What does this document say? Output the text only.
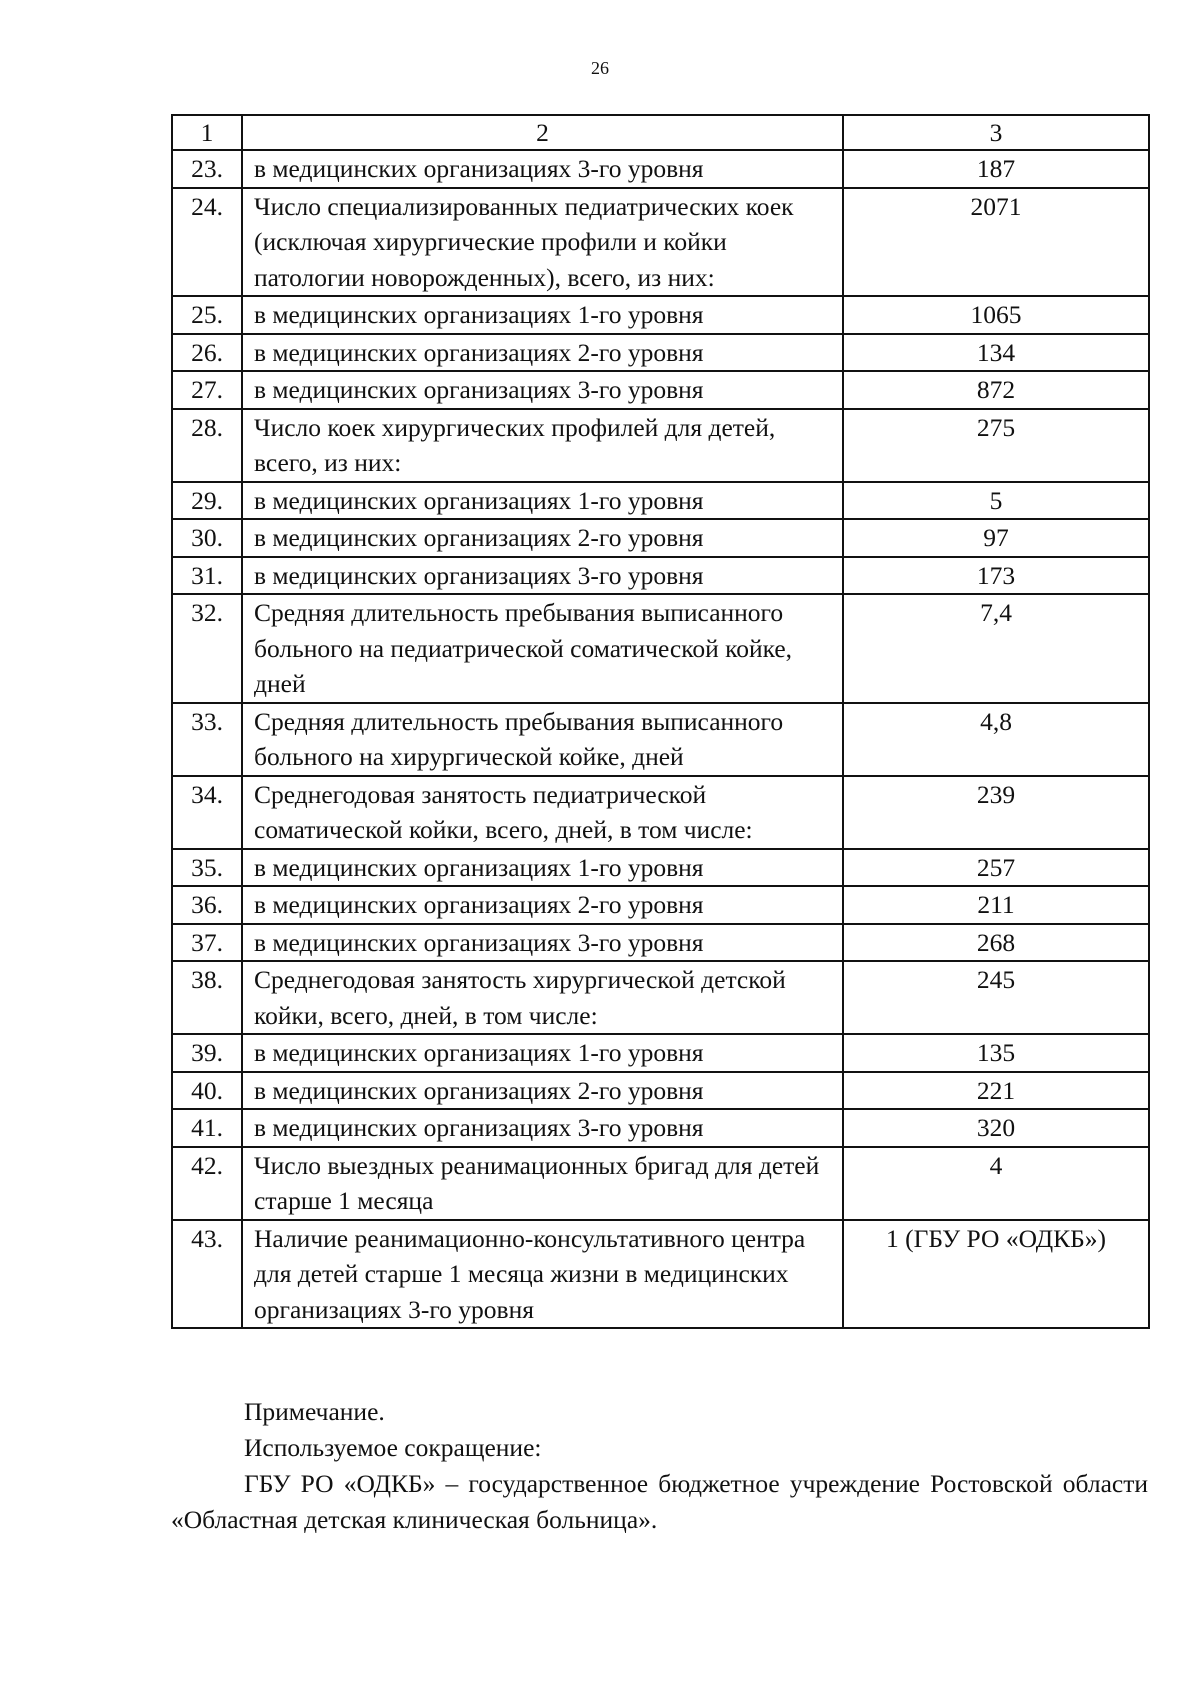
26
1	2	3
23.	в медицинских организациях 3-го уровня	187
24.	Число специализированных педиатрических коек (исключая хирургические профили и койки патологии новорожденных), всего, из них:	2071
25.	в медицинских организациях 1-го уровня	1065
26.	в медицинских организациях 2-го уровня	134
27.	в медицинских организациях 3-го уровня	872
28.	Число коек хирургических профилей для детей, всего, из них:	275
29.	в медицинских организациях 1-го уровня	5
30.	в медицинских организациях 2-го уровня	97
31.	в медицинских организациях 3-го уровня	173
32.	Средняя длительность пребывания выписанного больного на педиатрической соматической койке, дней	7,4
33.	Средняя длительность пребывания выписанного больного на хирургической койке, дней	4,8
34.	Среднегодовая занятость педиатрической соматической койки, всего, дней, в том числе:	239
35.	в медицинских организациях 1-го уровня	257
36.	в медицинских организациях 2-го уровня	211
37.	в медицинских организациях 3-го уровня	268
38.	Среднегодовая занятость хирургической детской койки, всего, дней, в том числе:	245
39.	в медицинских организациях 1-го уровня	135
40.	в медицинских организациях 2-го уровня	221
41.	в медицинских организациях 3-го уровня	320
42.	Число выездных реанимационных бригад для детей старше 1 месяца	4
43.	Наличие реанимационно-консультативного центра для детей старше 1 месяца жизни в медицинских организациях 3-го уровня	1 (ГБУ РО «ОДКБ»)

Примечание.

Используемое сокращение:

ГБУ РО «ОДКБ» – государственное бюджетное учреждение Ростовской области «Областная детская клиническая больница».
